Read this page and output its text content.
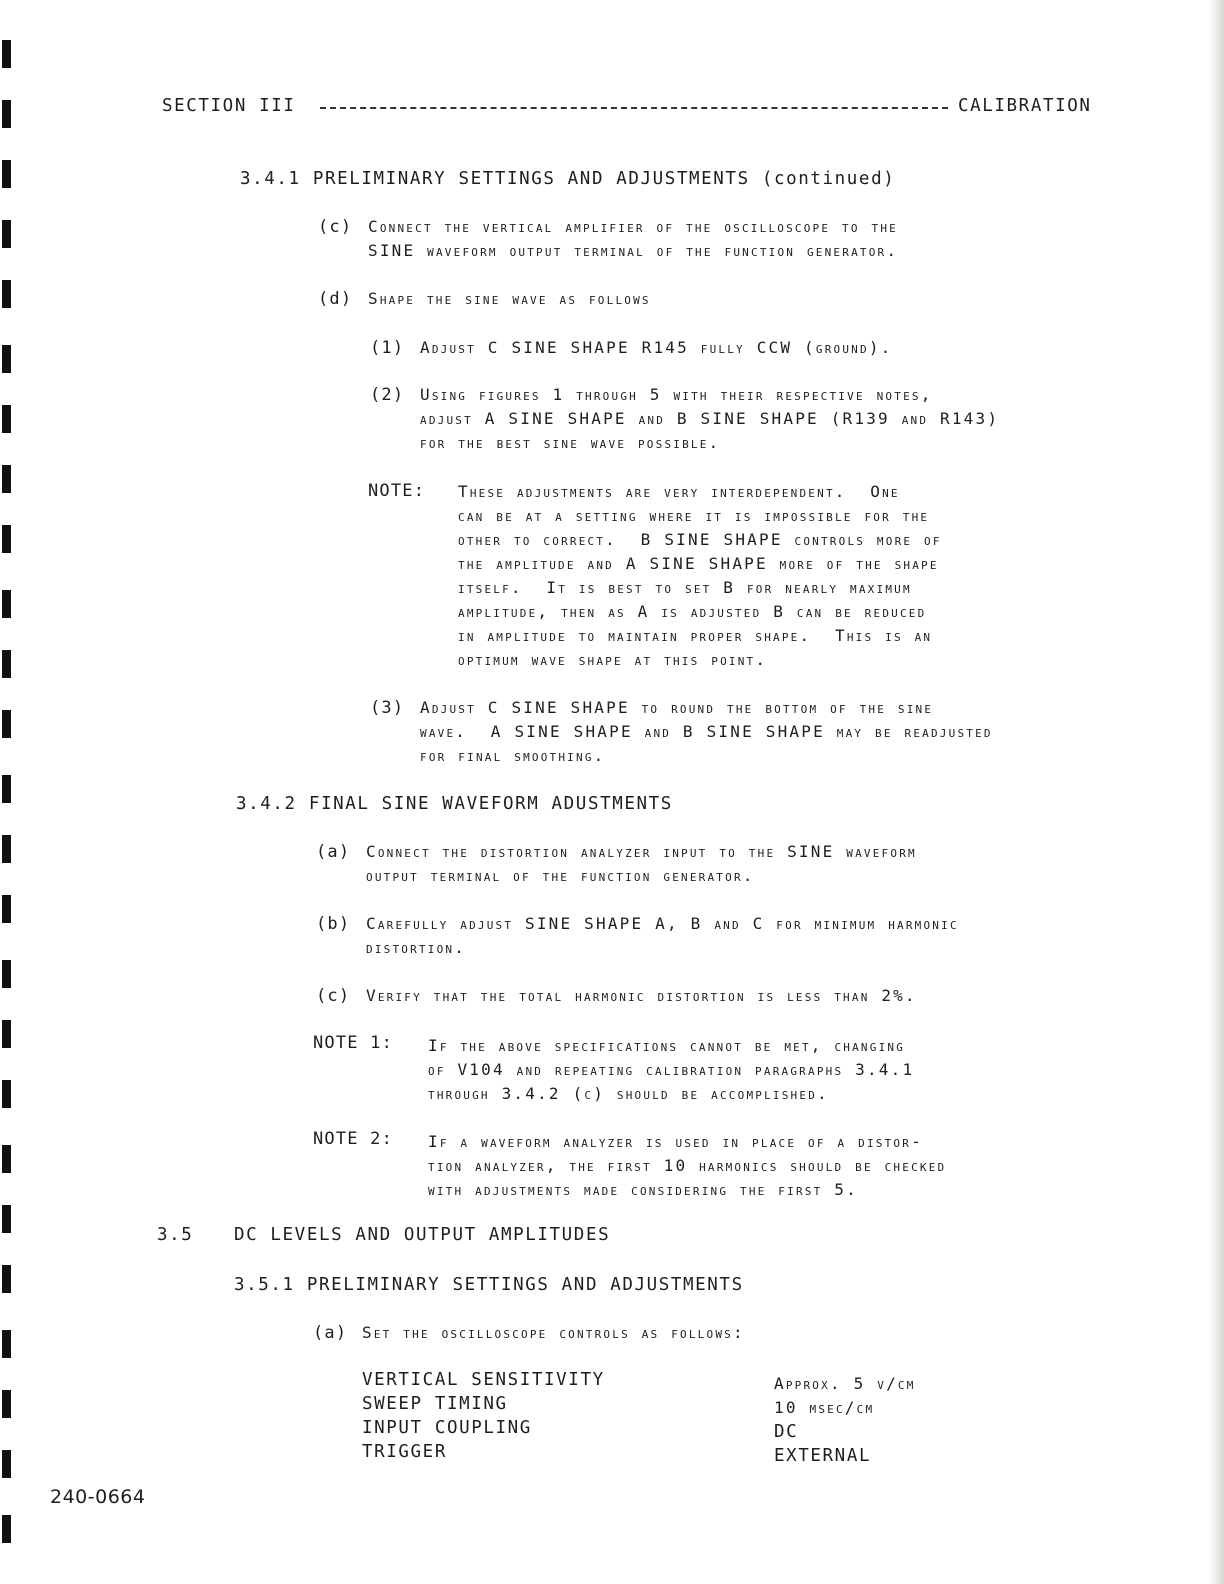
SECTION III	CALIBRATION
3.4.1 PRELIMINARY SETTINGS AND ADJUSTMENTS (continued)
(c) Connect the vertical amplifier of the oscilloscope to the
SINE waveform output terminal of the function generator.
(d) Shape the sine wave as follows
(1) Adjust C SINE SHAPE R145 fully CCW (ground).
(2) Using figures 1 through 5 with their respective notes,
adjust A SINE SHAPE and B SINE SHAPE (R139 and R143)
for the best sine wave possible.
NOTE: These adjustments are very interdependent.  One
can be at a setting where it is impossible for the
other to correct.  B SINE SHAPE controls more of
the amplitude and A SINE SHAPE more of the shape
itself.  It is best to set B for nearly maximum
amplitude, then as A is adjusted B can be reduced
in amplitude to maintain proper shape.  This is an
optimum wave shape at this point.
(3) Adjust C SINE SHAPE to round the bottom of the sine
wave.  A SINE SHAPE and B SINE SHAPE may be readjusted
for final smoothing.
3.4.2 FINAL SINE WAVEFORM ADUSTMENTS
(a) Connect the distortion analyzer input to the SINE waveform
output terminal of the function generator.
(b) Carefully adjust SINE SHAPE A, B and C for minimum harmonic
distortion.
(c) Verify that the total harmonic distortion is less than 2%.
NOTE 1: If the above specifications cannot be met, changing
of V104 and repeating calibration paragraphs 3.4.1
through 3.4.2 (c) should be accomplished.
NOTE 2: If a waveform analyzer is used in place of a distor-
tion analyzer, the first 10 harmonics should be checked
with adjustments made considering the first 5.
3.5 DC LEVELS AND OUTPUT AMPLITUDES
3.5.1 PRELIMINARY SETTINGS AND ADJUSTMENTS
(a) Set the oscilloscope controls as follows:
VERTICAL SENSITIVITY	Approx. 5 v/cm
SWEEP TIMING	10 msec/cm
INPUT COUPLING	DC
TRIGGER	EXTERNAL
240-0664
